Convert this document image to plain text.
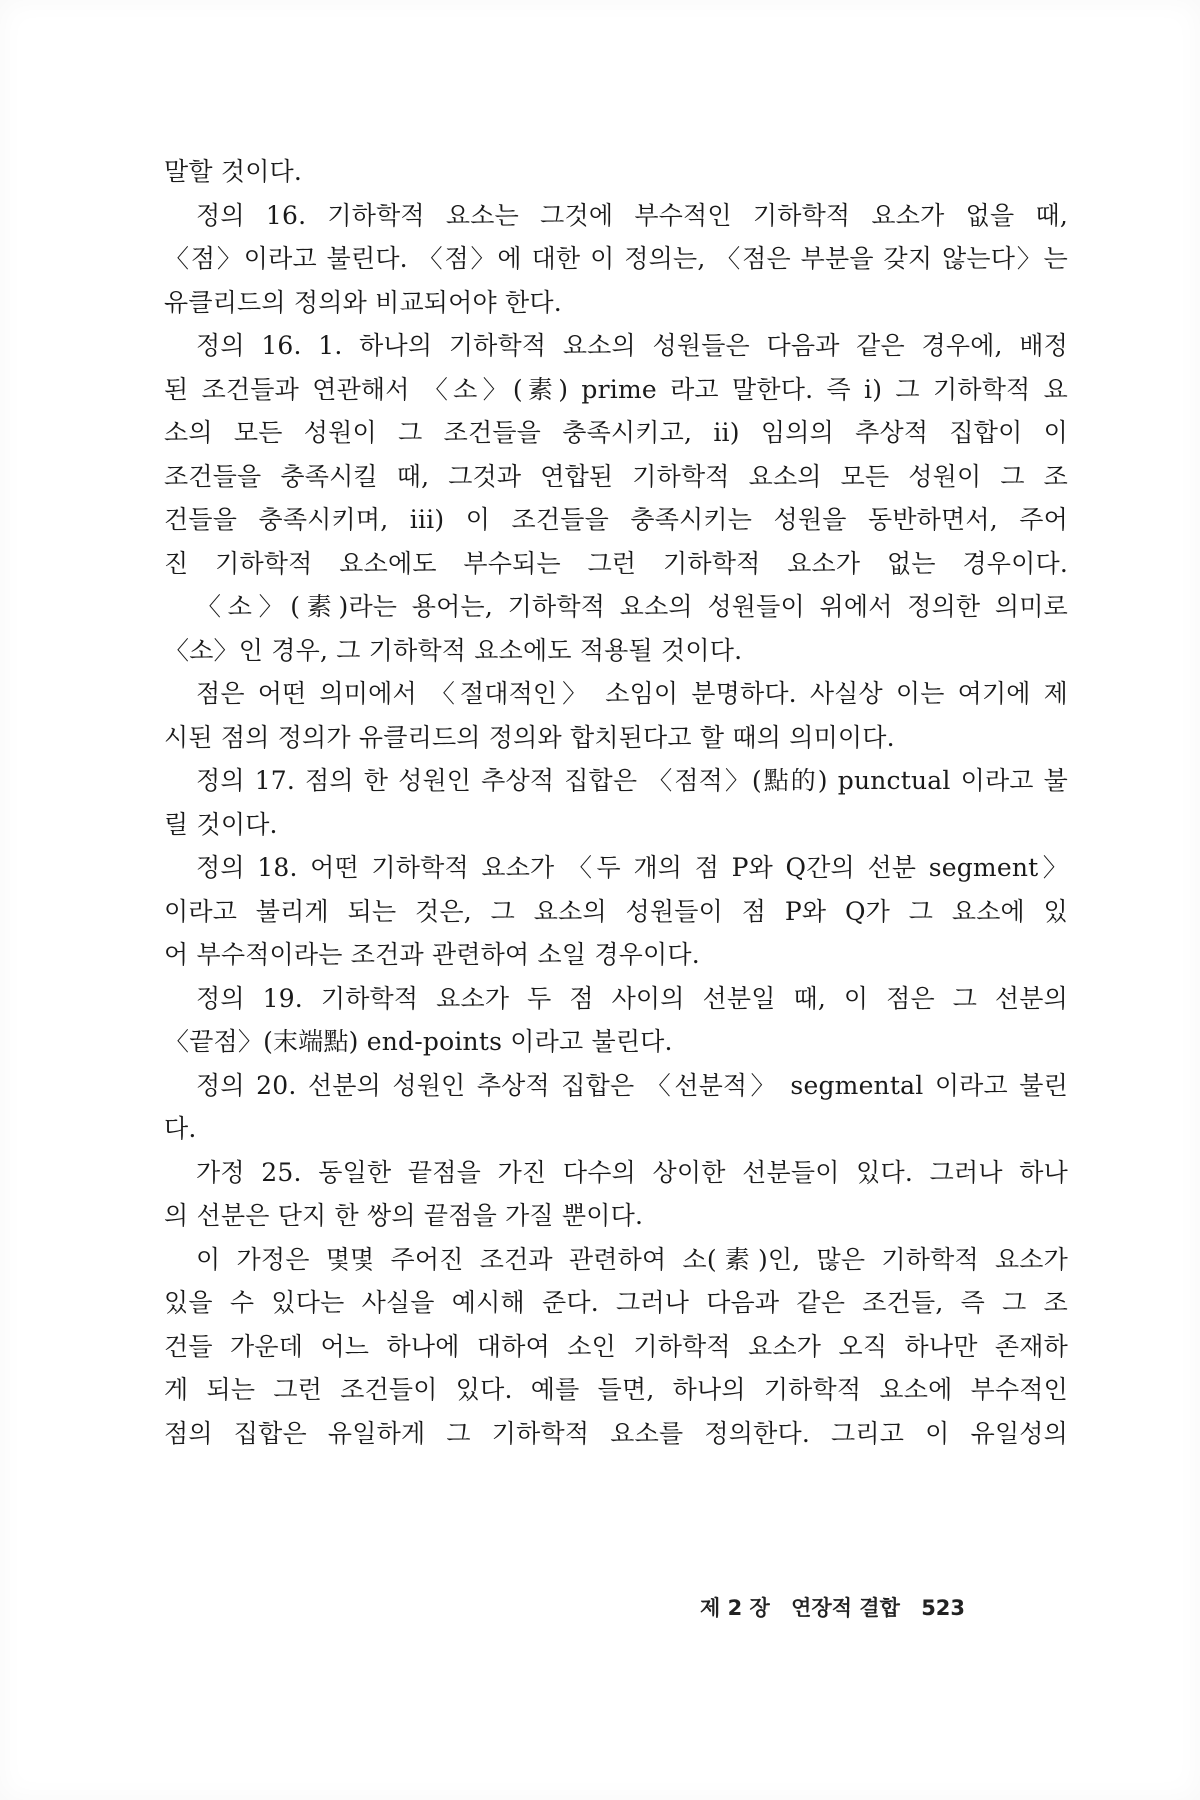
말할 것이다.
정의 16. 기하학적 요소는 그것에 부수적인 기하학적 요소가 없을 때,
〈점〉이라고 불린다. 〈점〉에 대한 이 정의는, 〈점은 부분을 갖지 않는다〉는
유클리드의 정의와 비교되어야 한다.
정의 16. 1. 하나의 기하학적 요소의 성원들은 다음과 같은 경우에, 배정
된 조건들과 연관해서 〈소〉(素) prime 라고 말한다. 즉 i) 그 기하학적 요
소의 모든 성원이 그 조건들을 충족시키고, ii) 임의의 추상적 집합이 이
조건들을 충족시킬 때, 그것과 연합된 기하학적 요소의 모든 성원이 그 조
건들을 충족시키며, iii) 이 조건들을 충족시키는 성원을 동반하면서, 주어
진 기하학적 요소에도 부수되는 그런 기하학적 요소가 없는 경우이다.
〈소〉(素)라는 용어는, 기하학적 요소의 성원들이 위에서 정의한 의미로
〈소〉인 경우, 그 기하학적 요소에도 적용될 것이다.
점은 어떤 의미에서 〈절대적인〉 소임이 분명하다. 사실상 이는 여기에 제
시된 점의 정의가 유클리드의 정의와 합치된다고 할 때의 의미이다.
정의 17. 점의 한 성원인 추상적 집합은 〈점적〉(點的) punctual 이라고 불
릴 것이다.
정의 18. 어떤 기하학적 요소가 〈두 개의 점 P와 Q간의 선분 segment〉
이라고 불리게 되는 것은, 그 요소의 성원들이 점 P와 Q가 그 요소에 있
어 부수적이라는 조건과 관련하여 소일 경우이다.
정의 19. 기하학적 요소가 두 점 사이의 선분일 때, 이 점은 그 선분의
〈끝점〉(末端點) end-points 이라고 불린다.
정의 20. 선분의 성원인 추상적 집합은 〈선분적〉 segmental 이라고 불린
다.
가정 25. 동일한 끝점을 가진 다수의 상이한 선분들이 있다. 그러나 하나
의 선분은 단지 한 쌍의 끝점을 가질 뿐이다.
이 가정은 몇몇 주어진 조건과 관련하여 소(素)인, 많은 기하학적 요소가
있을 수 있다는 사실을 예시해 준다. 그러나 다음과 같은 조건들, 즉 그 조
건들 가운데 어느 하나에 대하여 소인 기하학적 요소가 오직 하나만 존재하
게 되는 그런 조건들이 있다. 예를 들면, 하나의 기하학적 요소에 부수적인
점의 집합은 유일하게 그 기하학적 요소를 정의한다. 그리고 이 유일성의
제 2 장 연장적 결합 523
